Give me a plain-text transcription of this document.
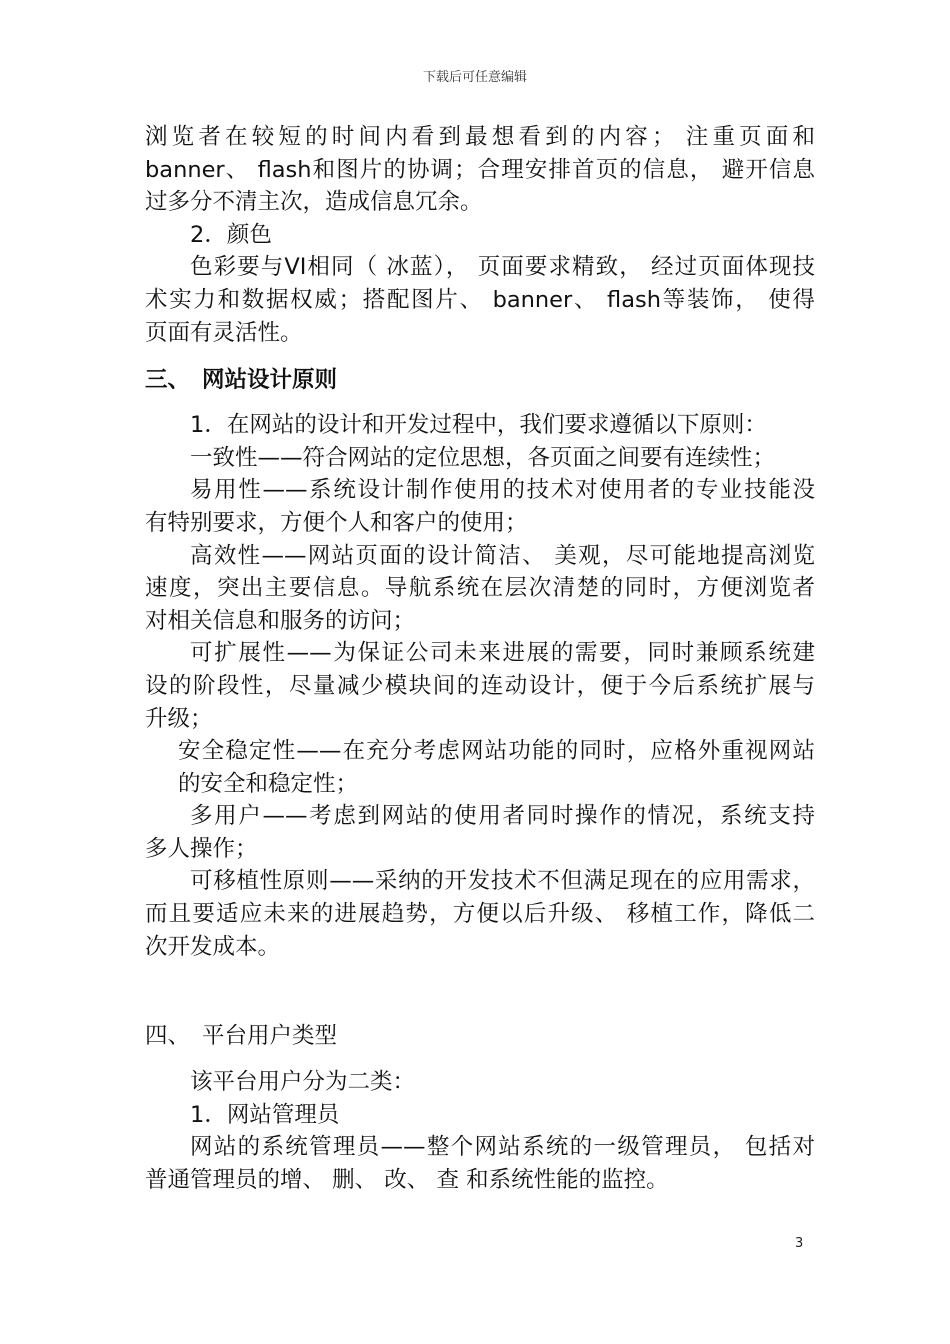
下载后可任意编辑
浏览者在较短的时间内看到最想看到的内容； 注重页面和
banner、 flash和图片的协调；合理安排首页的信息， 避开信息
过多分不清主次，造成信息冗余。
2．颜色
色彩要与VI相同（ 冰蓝）， 页面要求精致， 经过页面体现技
术实力和数据权威；搭配图片、 banner、 flash等装饰， 使得
页面有灵活性。
三、 网站设计原则
1．在网站的设计和开发过程中，我们要求遵循以下原则：
一致性——符合网站的定位思想，各页面之间要有连续性；
易用性——系统设计制作使用的技术对使用者的专业技能没
有特别要求，方便个人和客户的使用；
高效性——网站页面的设计简洁、 美观，尽可能地提高浏览
速度，突出主要信息。导航系统在层次清楚的同时，方便浏览者
对相关信息和服务的访问；
可扩展性——为保证公司未来进展的需要，同时兼顾系统建
设的阶段性，尽量减少模块间的连动设计，便于今后系统扩展与
升级；
安全稳定性——在充分考虑网站功能的同时，应格外重视网站
的安全和稳定性；
多用户——考虑到网站的使用者同时操作的情况，系统支持
多人操作；
可移植性原则——采纳的开发技术不但满足现在的应用需求，
而且要适应未来的进展趋势，方便以后升级、 移植工作，降低二
次开发成本。
四、 平台用户类型
该平台用户分为二类：
1．网站管理员
网站的系统管理员——整个网站系统的一级管理员， 包括对
普通管理员的增、 删、 改、 查 和系统性能的监控。
3
